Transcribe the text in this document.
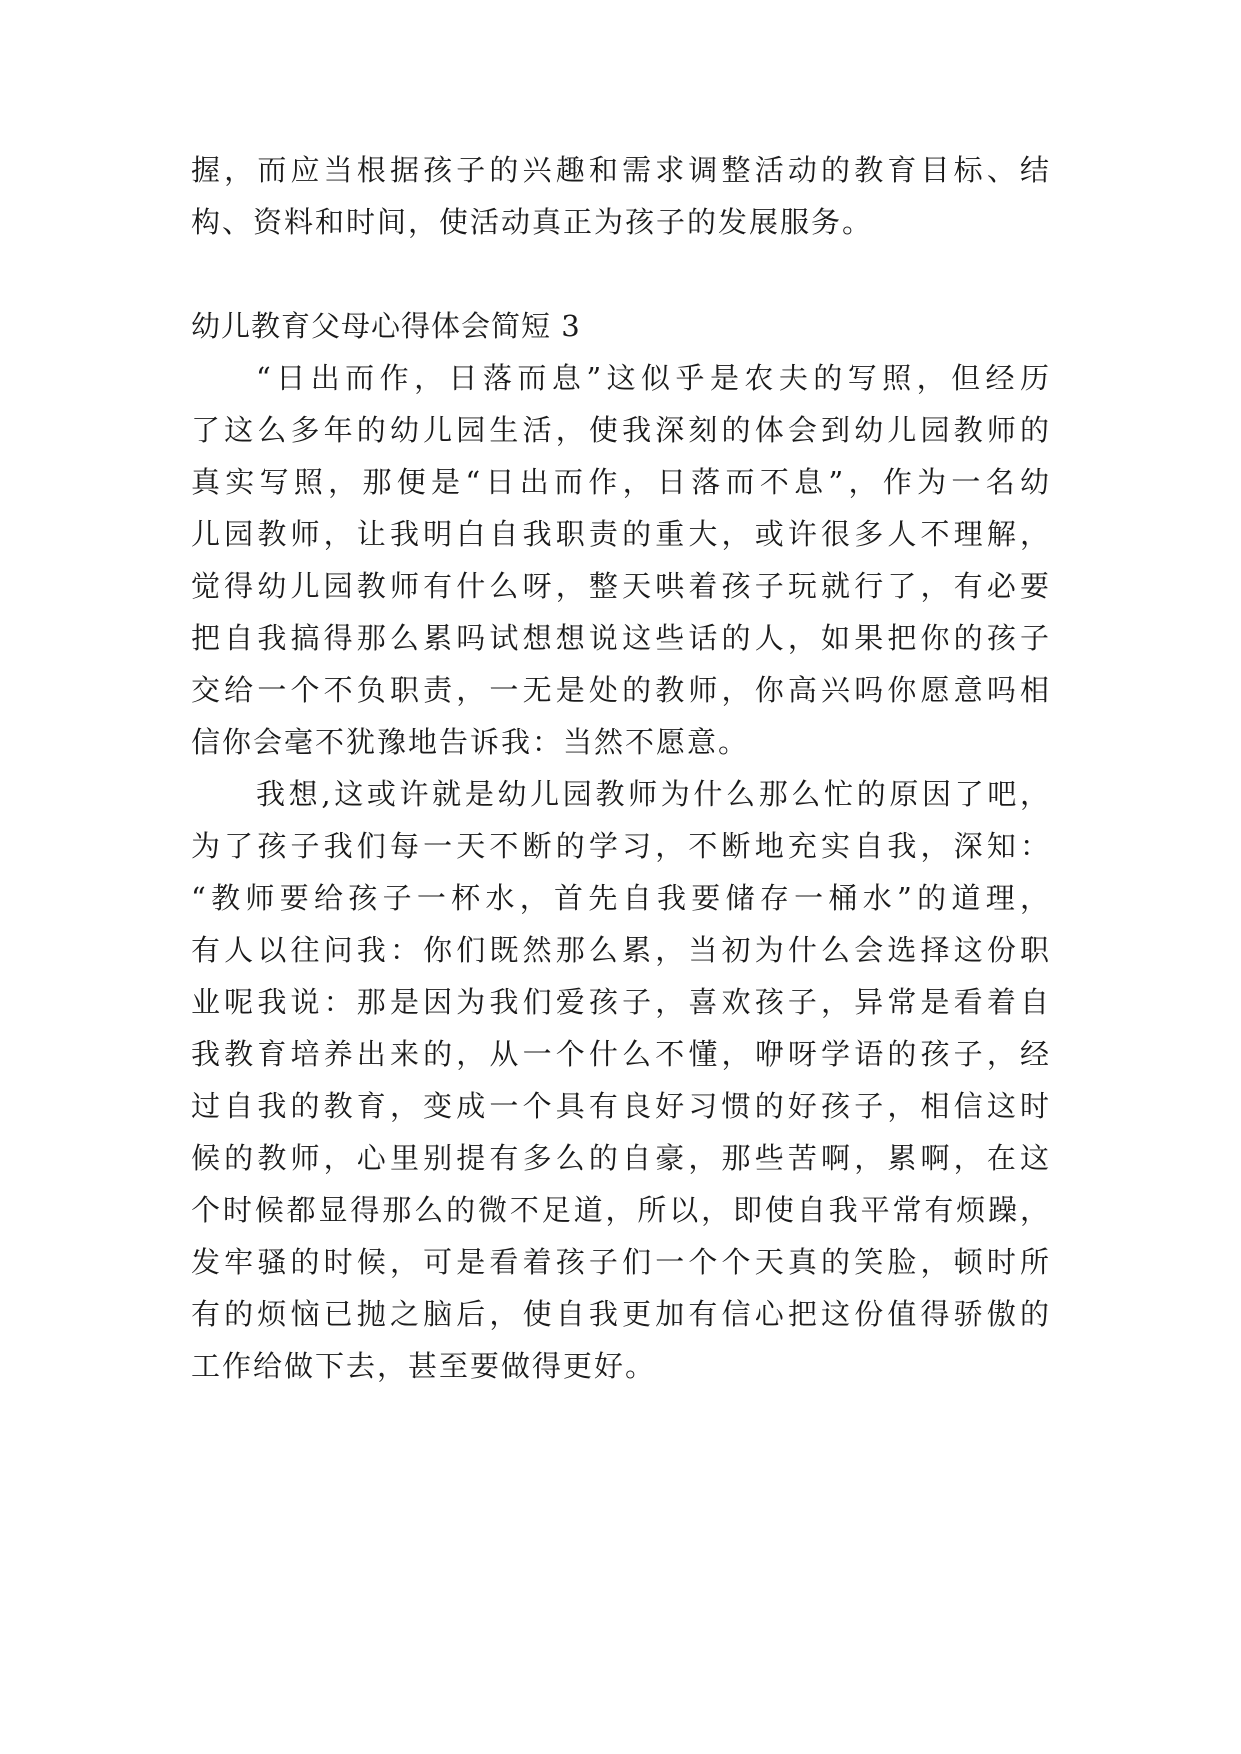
握，而应当根据孩子的兴趣和需求调整活动的教育目标、结
构、资料和时间，使活动真正为孩子的发展服务。
幼儿教育父母心得体会简短 3
“日出而作，日落而息”这似乎是农夫的写照，但经历
了这么多年的幼儿园生活，使我深刻的体会到幼儿园教师的
真实写照，那便是“日出而作，日落而不息”，作为一名幼
儿园教师，让我明白自我职责的重大，或许很多人不理解，
觉得幼儿园教师有什么呀，整天哄着孩子玩就行了，有必要
把自我搞得那么累吗试想想说这些话的人，如果把你的孩子
交给一个不负职责，一无是处的教师，你高兴吗你愿意吗相
信你会毫不犹豫地告诉我：当然不愿意。
我想,这或许就是幼儿园教师为什么那么忙的原因了吧，
为了孩子我们每一天不断的学习，不断地充实自我，深知：
“教师要给孩子一杯水，首先自我要储存一桶水”的道理，
有人以往问我：你们既然那么累，当初为什么会选择这份职
业呢我说：那是因为我们爱孩子，喜欢孩子，异常是看着自
我教育培养出来的，从一个什么不懂，咿呀学语的孩子，经
过自我的教育，变成一个具有良好习惯的好孩子，相信这时
候的教师，心里别提有多么的自豪，那些苦啊，累啊，在这
个时候都显得那么的微不足道，所以，即使自我平常有烦躁，
发牢骚的时候，可是看着孩子们一个个天真的笑脸，顿时所
有的烦恼已抛之脑后，使自我更加有信心把这份值得骄傲的
工作给做下去，甚至要做得更好。
